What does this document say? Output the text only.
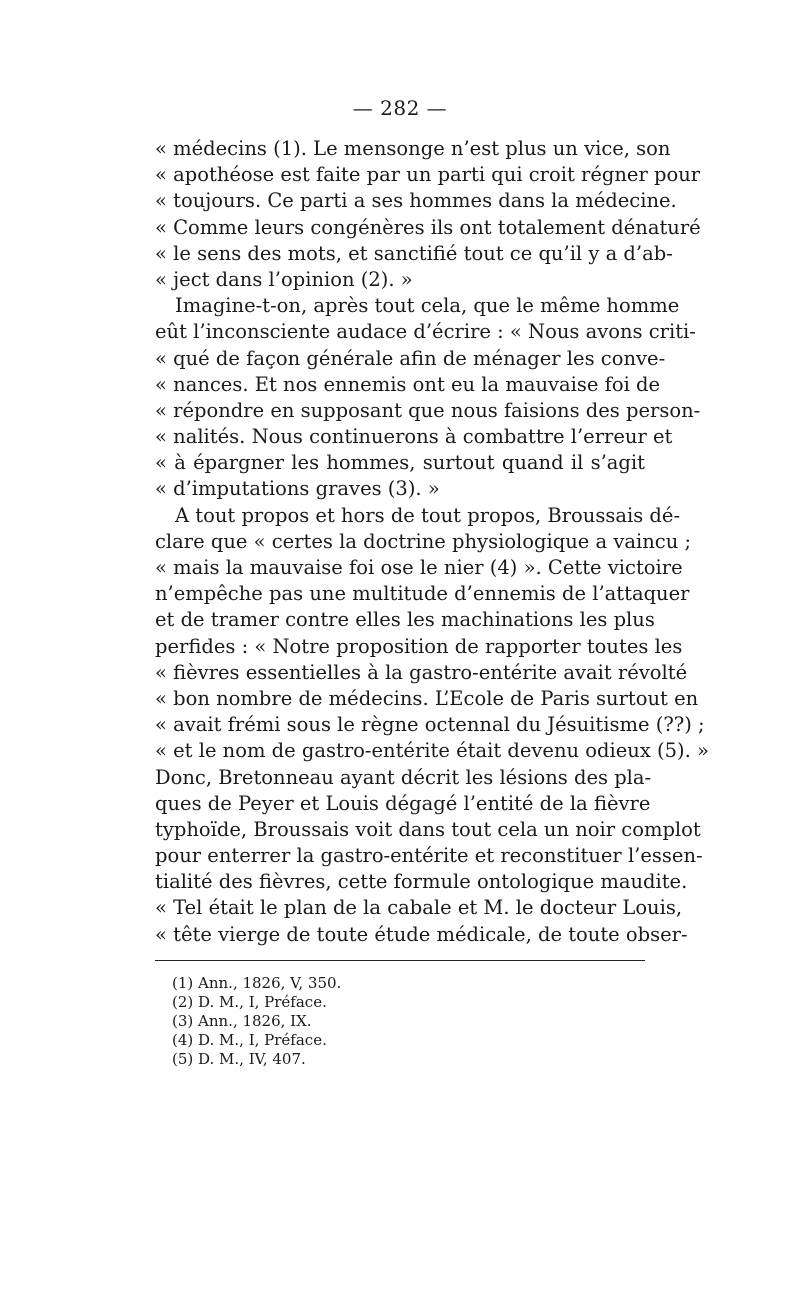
— 282 —
« médecins (1). Le mensonge n’est plus un vice, son
« apothéose est faite par un parti qui croit régner pour
« toujours. Ce parti a ses hommes dans la médecine.
« Comme leurs congénères ils ont totalement dénaturé
« le sens des mots, et sanctifié tout ce qu’il y a d’ab-
« ject dans l’opinion (2). »
Imagine-t-on, après tout cela, que le même homme
eût l’inconsciente audace d’écrire : « Nous avons criti-
« qué de façon générale afin de ménager les conve-
« nances. Et nos ennemis ont eu la mauvaise foi de
« répondre en supposant que nous faisions des person-
« nalités. Nous continuerons à combattre l’erreur et
« à épargner les hommes, surtout quand il s’agit
« d’imputations graves (3). »
A tout propos et hors de tout propos, Broussais dé-
clare que « certes la doctrine physiologique a vaincu ;
« mais la mauvaise foi ose le nier (4) ». Cette victoire
n’empêche pas une multitude d’ennemis de l’attaquer
et de tramer contre elles les machinations les plus
perfides : « Notre proposition de rapporter toutes les
« fièvres essentielles à la gastro-entérite avait révolté
« bon nombre de médecins. L’Ecole de Paris surtout en
« avait frémi sous le règne octennal du Jésuitisme (??) ;
« et le nom de gastro-entérite était devenu odieux (5). »
Donc, Bretonneau ayant décrit les lésions des pla-
ques de Peyer et Louis dégagé l’entité de la fièvre
typhoïde, Broussais voit dans tout cela un noir complot
pour enterrer la gastro-entérite et reconstituer l’essen-
tialité des fièvres, cette formule ontologique maudite.
« Tel était le plan de la cabale et M. le docteur Louis,
« tête vierge de toute étude médicale, de toute obser-
(1) Ann., 1826, V, 350.
(2) D. M., I, Préface.
(3) Ann., 1826, IX.
(4) D. M., I, Préface.
(5) D. M., IV, 407.
